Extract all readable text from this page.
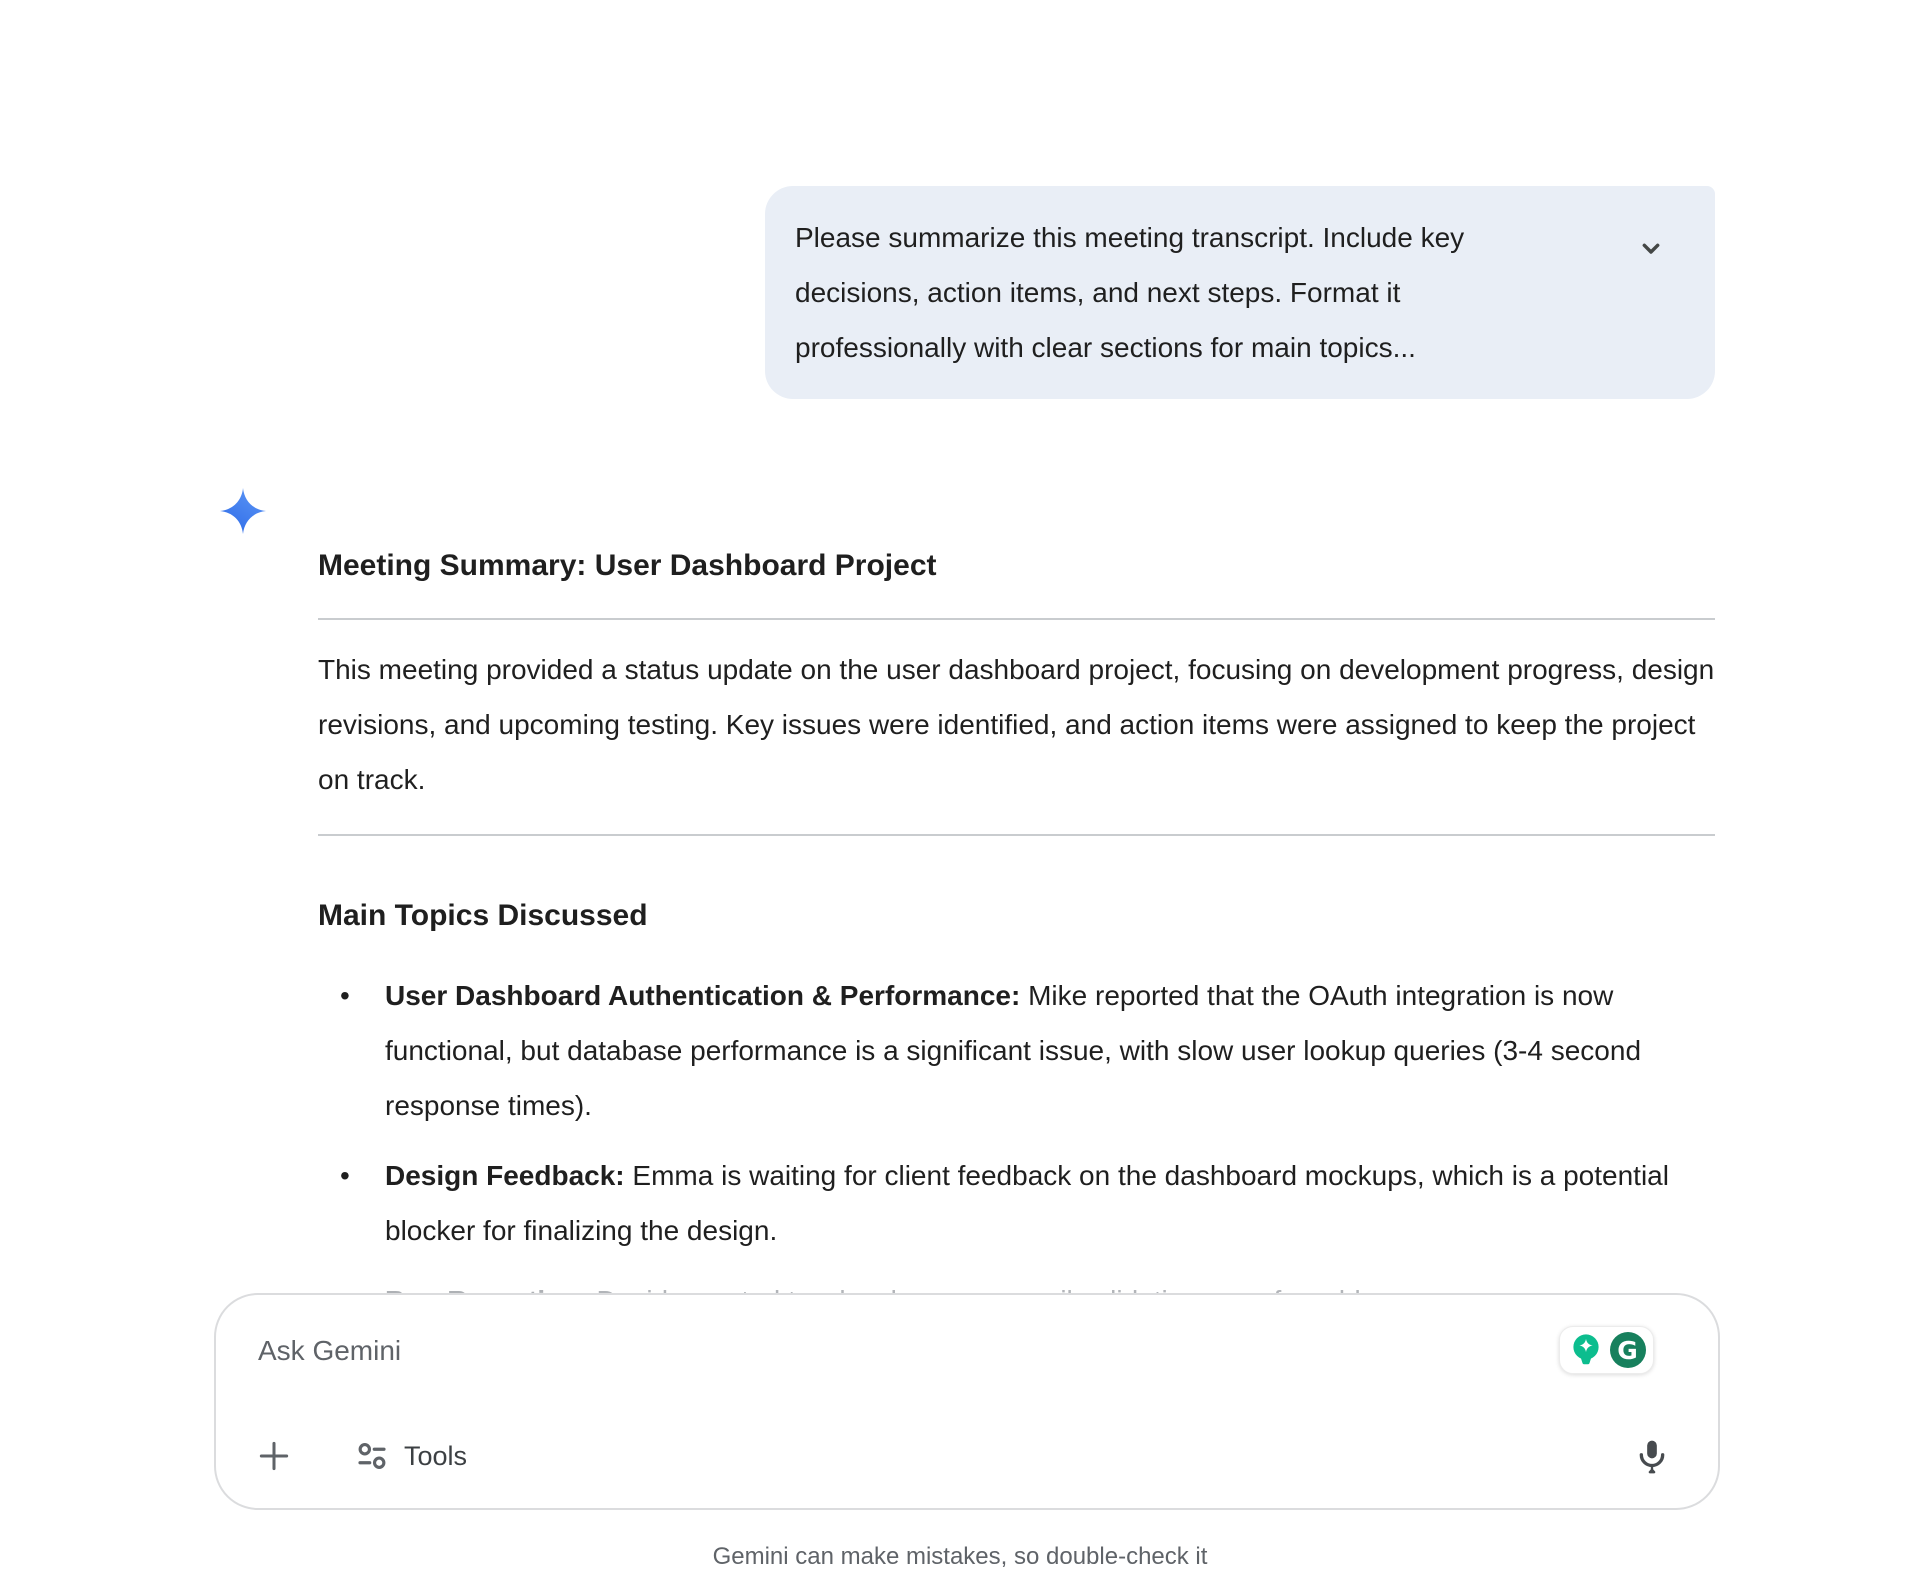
Please summarize this meeting transcript. Include key decisions, action items, and next steps. Format it professionally with clear sections for main topics...
Meeting Summary: User Dashboard Project

This meeting provided a status update on the user dashboard project, focusing on development progress, design revisions, and upcoming testing. Key issues were identified, and action items were assigned to keep the project on track.

Main Topics Discussed
• User Dashboard Authentication & Performance: Mike reported that the OAuth integration is now functional, but database performance is a significant issue, with slow user lookup queries (3-4 second response times).
• Design Feedback: Emma is waiting for client feedback on the dashboard mockups, which is a potential blocker for finalizing the design.
Ask Gemini	G
Tools
Gemini can make mistakes, so double-check it
